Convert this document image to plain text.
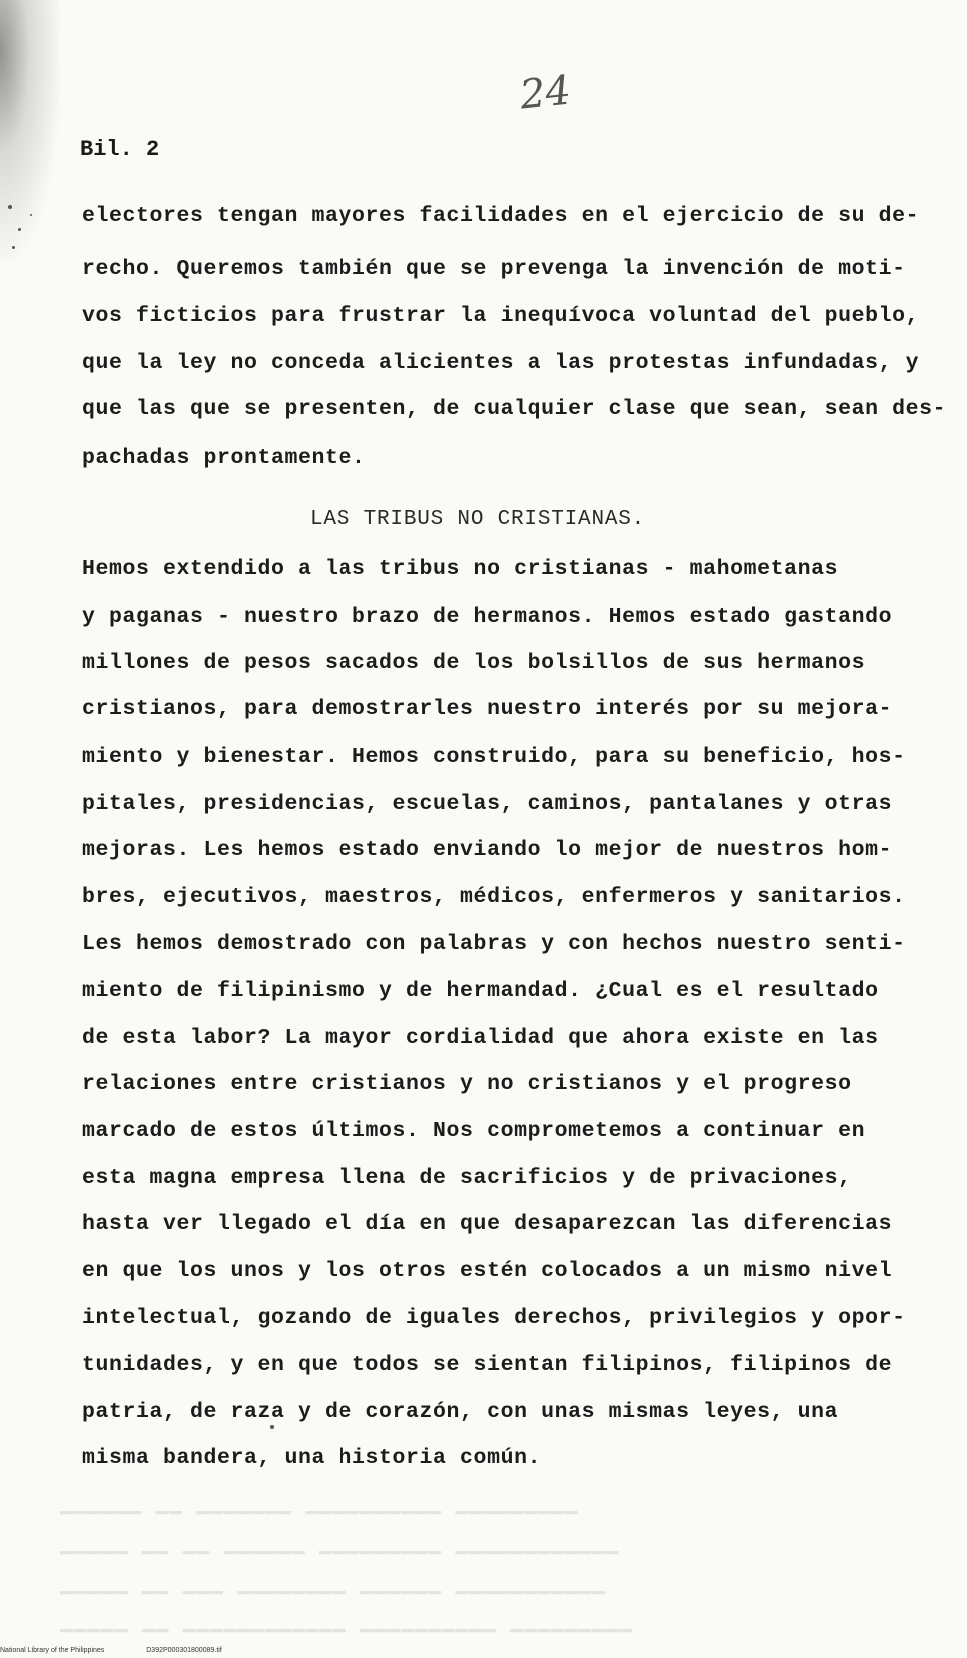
24
Bil. 2
electores tengan mayores facilidades en el ejercicio de su de-
recho. Queremos también que se prevenga la invención de moti-
vos ficticios para frustrar la inequívoca voluntad del pueblo,
que la ley no conceda alicientes a las protestas infundadas, y
que las que se presenten, de cualquier clase que sean, sean des-
pachadas prontamente.
LAS TRIBUS NO CRISTIANAS.
Hemos extendido a las tribus no cristianas - mahometanas
y paganas - nuestro brazo de hermanos. Hemos estado gastando
millones de pesos sacados de los bolsillos de sus hermanos
cristianos, para demostrarles nuestro interés por su mejora-
miento y bienestar. Hemos construido, para su beneficio, hos-
pitales, presidencias, escuelas, caminos, pantalanes y otras
mejoras. Les hemos estado enviando lo mejor de nuestros hom-
bres, ejecutivos, maestros, médicos, enfermeros y sanitarios.
Les hemos demostrado con palabras y con hechos nuestro senti-
miento de filipinismo y de hermandad. ¿Cual es el resultado
de esta labor? La mayor cordialidad que ahora existe en las
relaciones entre cristianos y no cristianos y el progreso
marcado de estos últimos. Nos comprometemos a continuar en
esta magna empresa llena de sacrificios y de privaciones,
hasta ver llegado el día en que desaparezcan las diferencias
en que los unos y los otros estén colocados a un mismo nivel
intelectual, gozando de iguales derechos, privilegios y opor-
tunidades, y en que todos se sientan filipinos, filipinos de
patria, de raza y de corazón, con unas mismas leyes, una
misma bandera, una historia común.
▁▁▁▁▁▁ ▁▁ ▁▁▁▁▁▁▁ ▁▁▁▁▁▁▁▁▁▁ ▁▁▁▁▁▁▁▁▁
▁▁▁▁▁ ▁▁ ▁▁ ▁▁▁▁▁▁ ▁▁▁▁▁▁▁▁▁ ▁▁▁▁▁▁▁▁▁▁▁▁
▁▁▁▁▁ ▁▁ ▁▁▁ ▁▁▁▁▁▁▁▁ ▁▁▁▁▁▁ ▁▁▁▁▁▁▁▁▁▁▁
▁▁▁▁▁ ▁▁ ▁▁▁▁▁▁▁▁▁▁▁▁ ▁▁▁▁▁▁▁▁▁▁ ▁▁▁▁▁▁▁▁▁
National Library of the Philippines	D392P000301800089.tif
